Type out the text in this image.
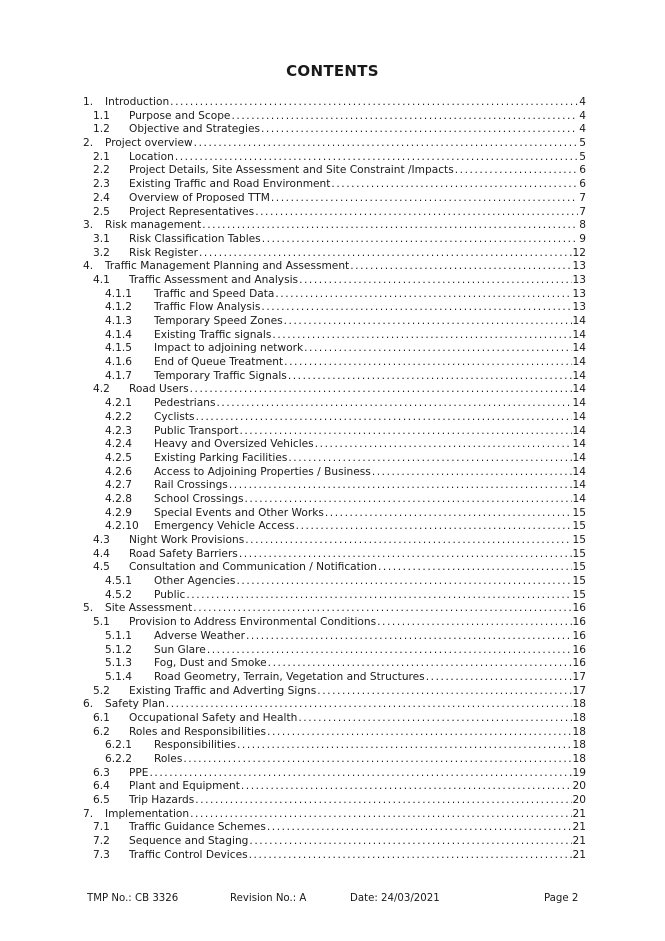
CONTENTS
1. Introduction . . .	4
1.1 Purpose and Scope . . .	4
1.2 Objective and Strategies . . .	4
2. Project overview . . .	5
2.1 Location . . .	5
2.2 Project Details, Site Assessment and Site Constraint /Impacts . . .	6
2.3 Existing Traffic and Road Environment . . .	6
2.4 Overview of Proposed TTM . . .	7
2.5 Project Representatives . . .	7
3. Risk management . . .	8
3.1 Risk Classification Tables . . .	9
3.2 Risk Register . . .	12
4. Traffic Management Planning and Assessment . . .	13
4.1 Traffic Assessment and Analysis . . .	13
4.1.1 Traffic and Speed Data . . .	13
4.1.2 Traffic Flow Analysis . . .	13
4.1.3 Temporary Speed Zones . . .	14
4.1.4 Existing Traffic signals . . .	14
4.1.5 Impact to adjoining network . . .	14
4.1.6 End of Queue Treatment . . .	14
4.1.7 Temporary Traffic Signals . . .	14
4.2 Road Users . . .	14
4.2.1 Pedestrians . . .	14
4.2.2 Cyclists . . .	14
4.2.3 Public Transport . . .	14
4.2.4 Heavy and Oversized Vehicles . . .	14
4.2.5 Existing Parking Facilities . . .	14
4.2.6 Access to Adjoining Properties / Business . . .	14
4.2.7 Rail Crossings . . .	14
4.2.8 School Crossings . . .	14
4.2.9 Special Events and Other Works . . .	15
4.2.10 Emergency Vehicle Access . . .	15
4.3 Night Work Provisions . . .	15
4.4 Road Safety Barriers . . .	15
4.5 Consultation and Communication / Notification . . .	15
4.5.1 Other Agencies . . .	15
4.5.2 Public . . .	15
5. Site Assessment . . .	16
5.1 Provision to Address Environmental Conditions . . .	16
5.1.1 Adverse Weather . . .	16
5.1.2 Sun Glare . . .	16
5.1.3 Fog, Dust and Smoke . . .	16
5.1.4 Road Geometry, Terrain, Vegetation and Structures . . .	17
5.2 Existing Traffic and Adverting Signs . . .	17
6. Safety Plan . . .	18
6.1 Occupational Safety and Health . . .	18
6.2 Roles and Responsibilities . . .	18
6.2.1 Responsibilities . . .	18
6.2.2 Roles . . .	18
6.3 PPE . . .	19
6.4 Plant and Equipment . . .	20
6.5 Trip Hazards . . .	20
7. Implementation . . .	21
7.1 Traffic Guidance Schemes . . .	21
7.2 Sequence and Staging . . .	21
7.3 Traffic Control Devices . . .	21
TMP No.: CB 3326	Revision No.: A	Date: 24/03/2021	Page 2
